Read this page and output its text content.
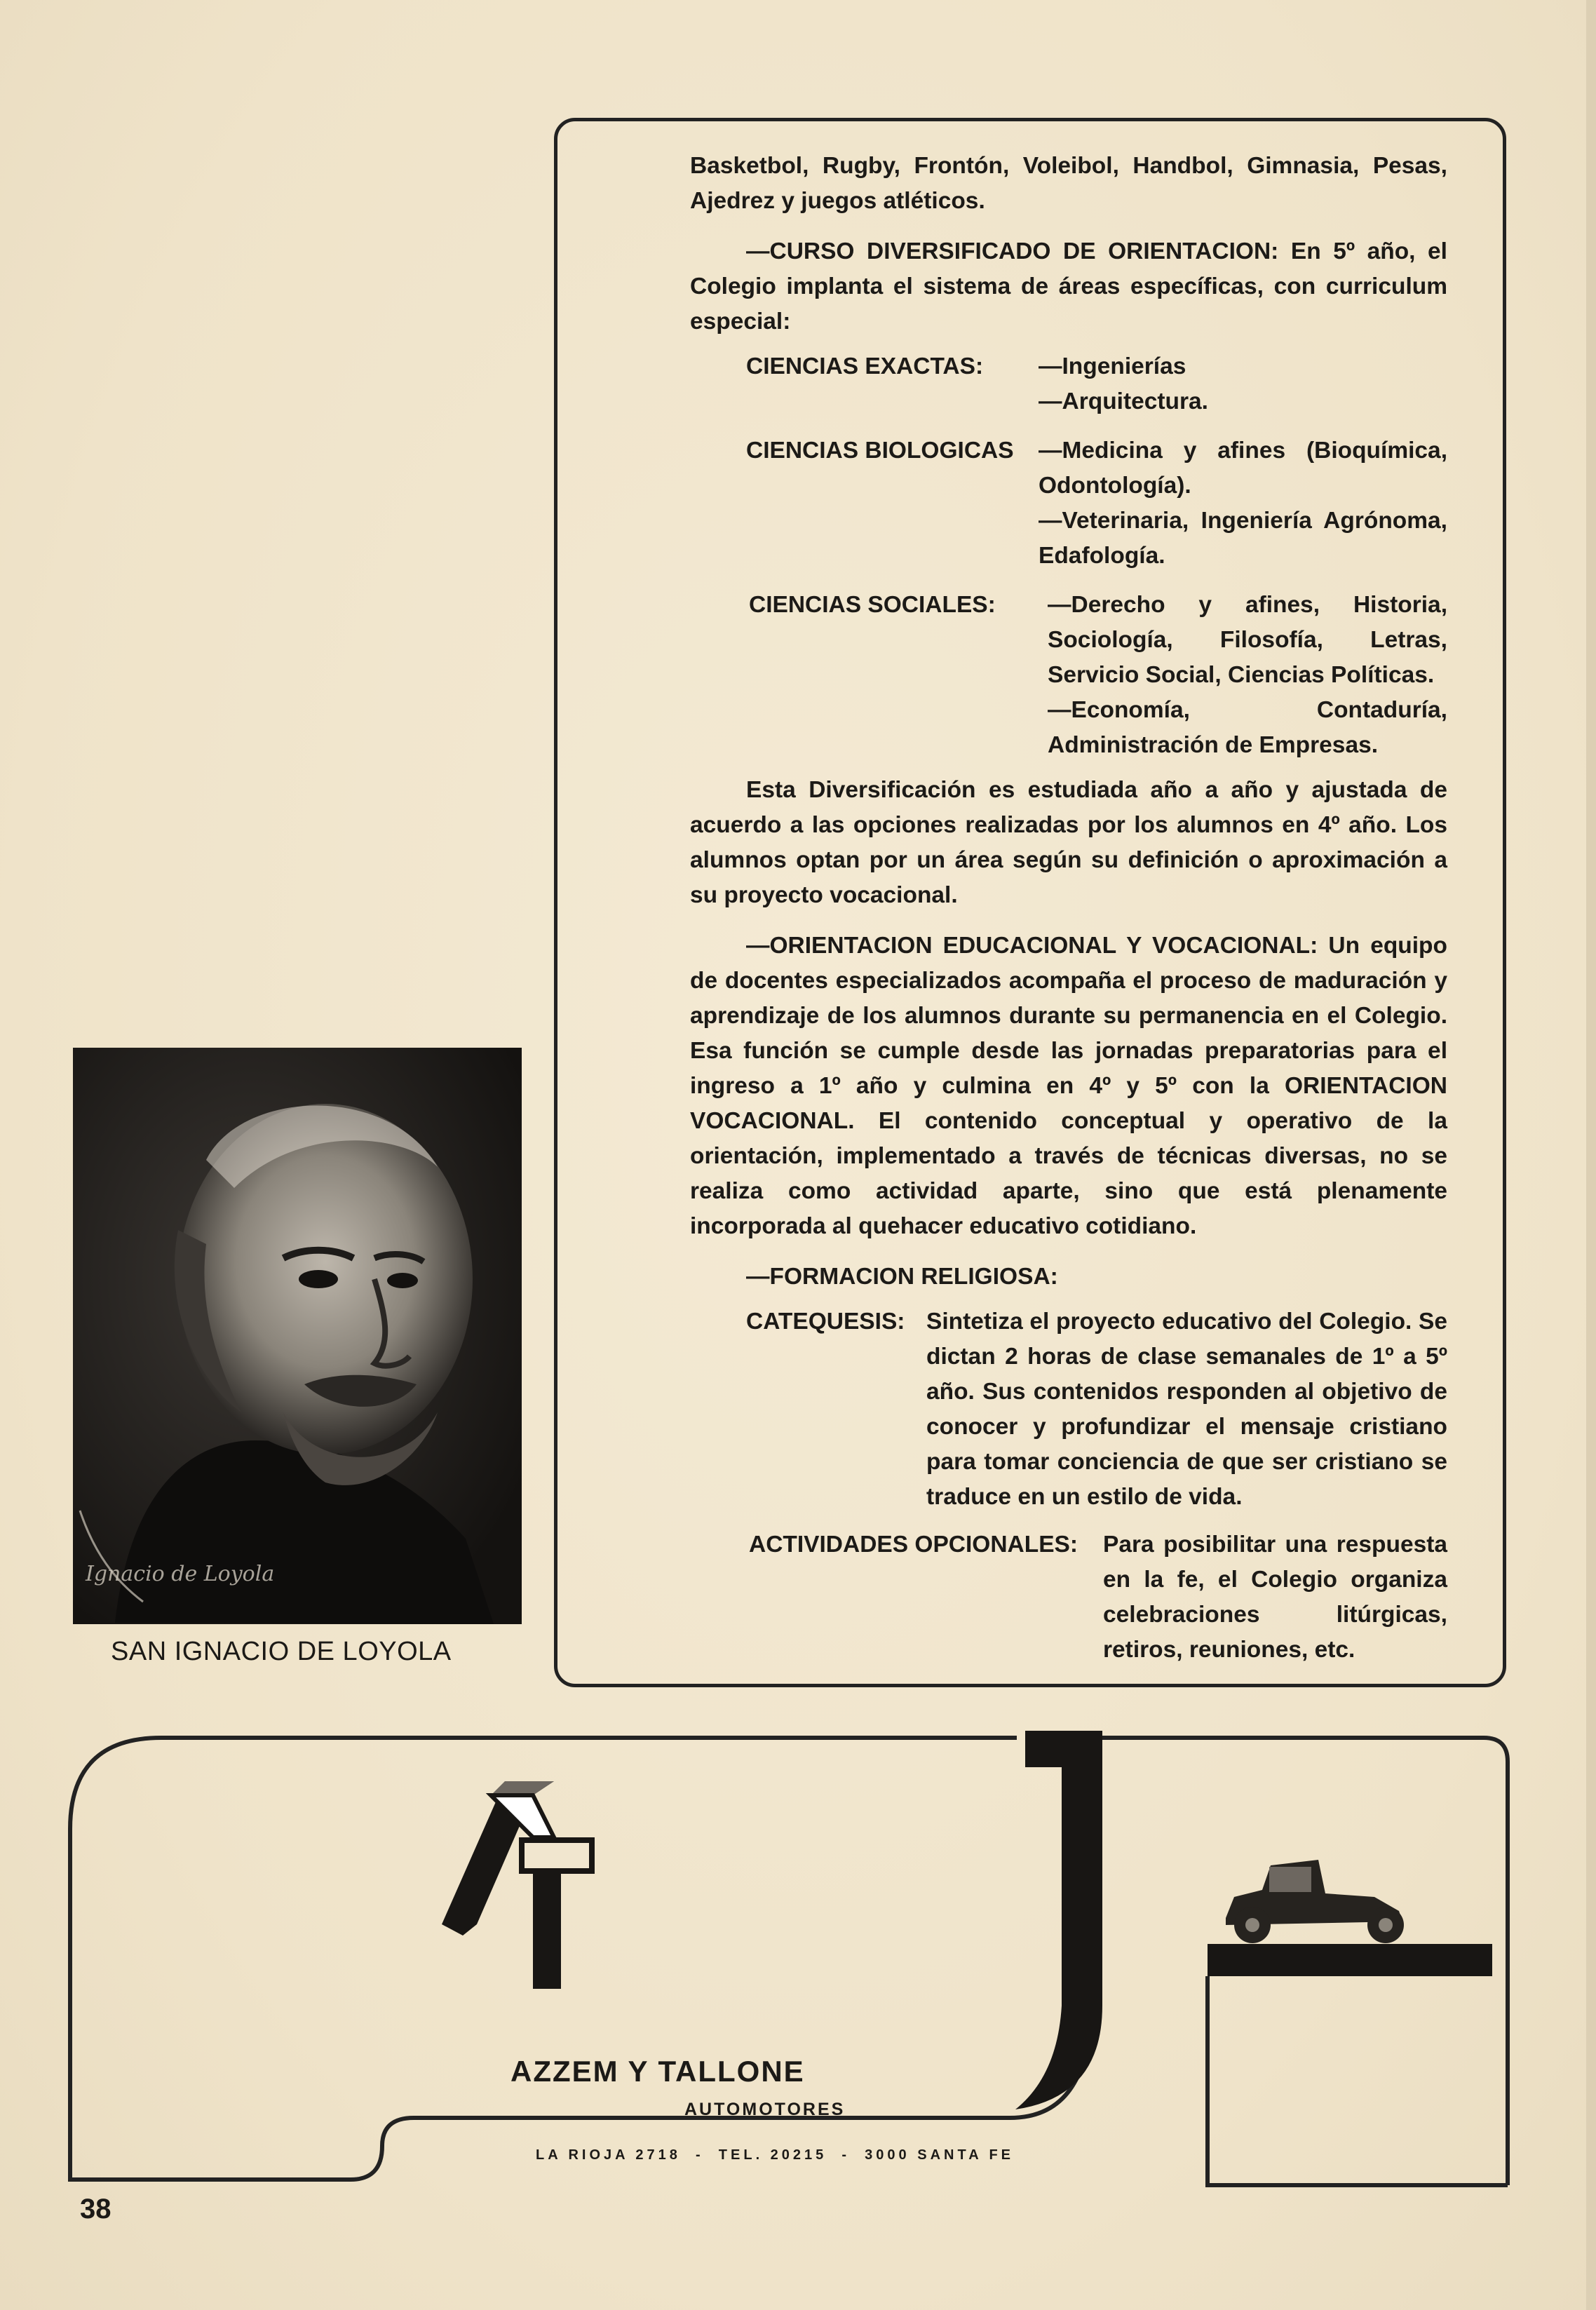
Basketbol, Rugby, Frontón, Voleibol, Handbol, Gimnasia, Pesas, Ajedrez y juegos atléticos.

—CURSO DIVERSIFICADO DE ORIENTACION: En 5º año, el Colegio implanta el sistema de áreas específicas, con curriculum especial:

CIENCIAS EXACTAS:	—Ingenierías
—Arquitectura.
CIENCIAS BIOLOGICAS	—Medicina y afines (Bioquímica, Odontología).
—Veterinaria, Ingeniería Agrónoma, Edafología.
CIENCIAS SOCIALES:	—Derecho y afines, Historia, Sociología, Filosofía, Letras, Servicio Social, Ciencias Políticas.
—Economía, Contaduría, Administración de Empresas.

Esta Diversificación es estudiada año a año y ajustada de acuerdo a las opciones realizadas por los alumnos en 4º año. Los alumnos optan por un área según su definición o aproximación a su proyecto vocacional.

—ORIENTACION EDUCACIONAL Y VOCACIONAL: Un equipo de docentes especializados acompaña el proceso de maduración y aprendizaje de los alumnos durante su permanencia en el Colegio. Esa función se cumple desde las jornadas preparatorias para el ingreso a 1º año y culmina en 4º y 5º con la ORIENTACION VOCACIONAL. El contenido conceptual y operativo de la orientación, implementado a través de técnicas diversas, no se realiza como actividad aparte, sino que está plenamente incorporada al quehacer educativo cotidiano.

—FORMACION RELIGIOSA:

CATEQUESIS: Sintetiza el proyecto educativo del Colegio. Se dictan 2 horas de clase semanales de 1º a 5º año. Sus contenidos responden al objetivo de conocer y profundizar el mensaje cristiano para tomar conciencia de que ser cristiano se traduce en un estilo de vida.
ACTIVIDADES OPCIONALES:	Para posibilitar una respuesta en la fe, el Colegio organiza celebraciones litúrgicas, retiros, reuniones, etc.
Ignacio de Loyola
SAN IGNACIO DE LOYOLA
AZZEM Y TALLONE
AUTOMOTORES
LA RIOJA 2718  -  TEL. 20215  -  3000 SANTA FE
38
